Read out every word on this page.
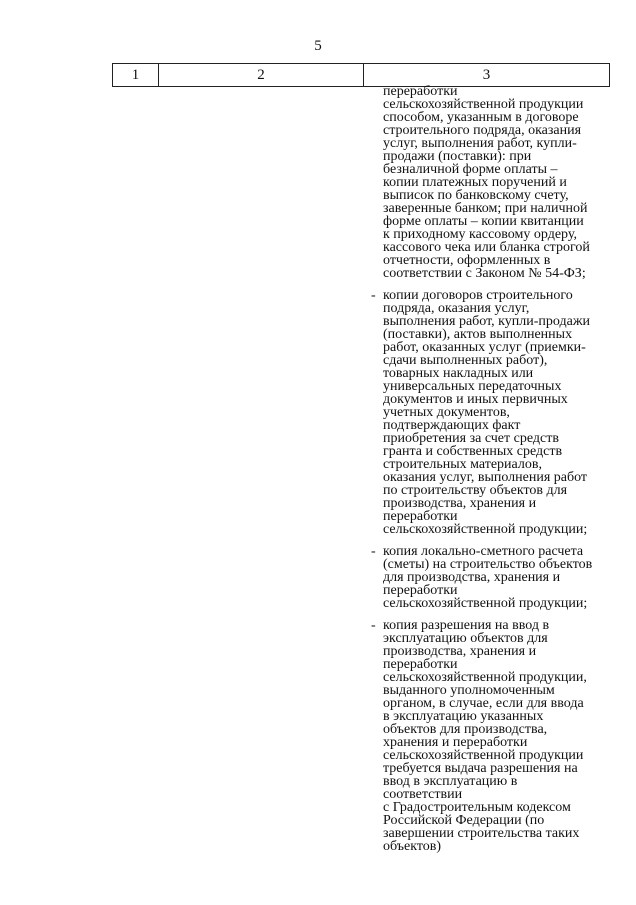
5
1	2	3

переработки
сельскохозяйственной продукции
способом, указанным в договоре
строительного подряда, оказания
услуг, выполнения работ, купли-
продажи (поставки): при
безналичной форме оплаты –
копии платежных поручений и
выписок по банковскому счету,
заверенные банком; при наличной
форме оплаты – копии квитанции
к приходному кассовому ордеру,
кассового чека или бланка строгой
отчетности, оформленных в
соответствии с Законом № 54-ФЗ;

- копии договоров строительного
подряда, оказания услуг,
выполнения работ, купли-продажи
(поставки), актов выполненных
работ, оказанных услуг (приемки-
сдачи выполненных работ),
товарных накладных или
универсальных передаточных
документов и иных первичных
учетных документов,
подтверждающих факт
приобретения за счет средств
гранта и собственных средств
строительных материалов,
оказания услуг, выполнения работ
по строительству объектов для
производства, хранения и
переработки
сельскохозяйственной продукции;

- копия локально-сметного расчета
(сметы) на строительство объектов
для производства, хранения и
переработки
сельскохозяйственной продукции;

- копия разрешения на ввод в
эксплуатацию объектов для
производства, хранения и
переработки
сельскохозяйственной продукции,
выданного уполномоченным
органом, в случае, если для ввода
в эксплуатацию указанных
объектов для производства,
хранения и переработки
сельскохозяйственной продукции
требуется выдача разрешения на
ввод в эксплуатацию в
соответствии
с Градостроительным кодексом
Российской Федерации (по
завершении строительства таких
объектов)
